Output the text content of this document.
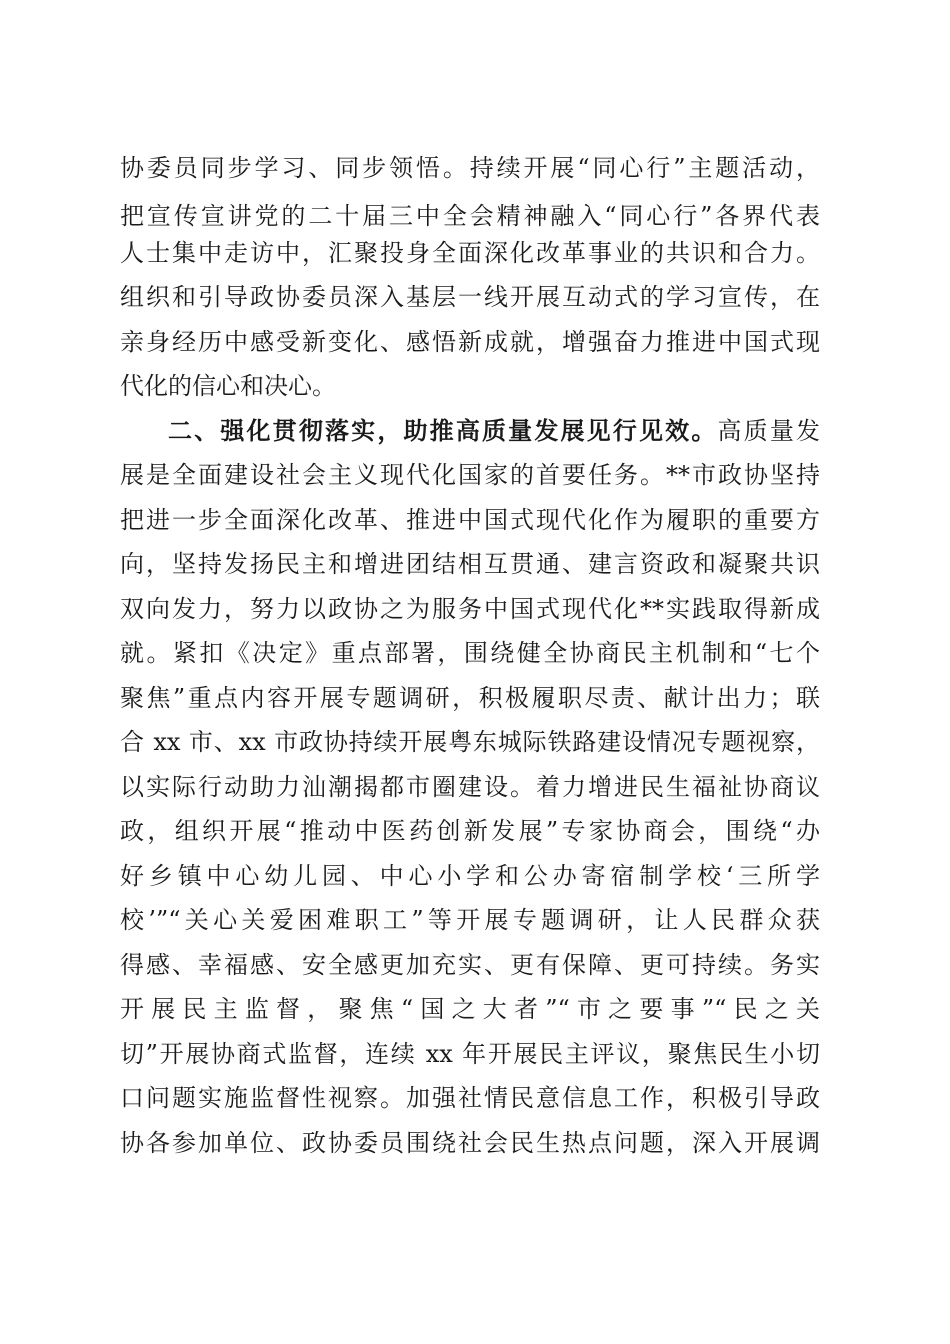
协委员同步学习、同步领悟。持续开展“同心行”主题活动，
把宣传宣讲党的二十届三中全会精神融入“同心行”各界代表
人士集中走访中，汇聚投身全面深化改革事业的共识和合力。
组织和引导政协委员深入基层一线开展互动式的学习宣传，在
亲身经历中感受新变化、感悟新成就，增强奋力推进中国式现
代化的信心和决心。
二、强化贯彻落实，助推高质量发展见行见效。高质量发
展是全面建设社会主义现代化国家的首要任务。**市政协坚持
把进一步全面深化改革、推进中国式现代化作为履职的重要方
向，坚持发扬民主和增进团结相互贯通、建言资政和凝聚共识
双向发力，努力以政协之为服务中国式现代化**实践取得新成
就。紧扣《决定》重点部署，围绕健全协商民主机制和“七个
聚焦”重点内容开展专题调研，积极履职尽责、献计出力；联
合 xx 市、xx 市政协持续开展粤东城际铁路建设情况专题视察，
以实际行动助力汕潮揭都市圈建设。着力增进民生福祉协商议
政，组织开展“推动中医药创新发展”专家协商会，围绕“办
好乡镇中心幼儿园、中心小学和公办寄宿制学校‘三所学
校’”“关心关爱困难职工”等开展专题调研，让人民群众获
得感、幸福感、安全感更加充实、更有保障、更可持续。务实
开展民主监督，聚焦“国之大者”“市之要事”“民之关
切”开展协商式监督，连续 xx 年开展民主评议，聚焦民生小切
口问题实施监督性视察。加强社情民意信息工作，积极引导政
协各参加单位、政协委员围绕社会民生热点问题，深入开展调
